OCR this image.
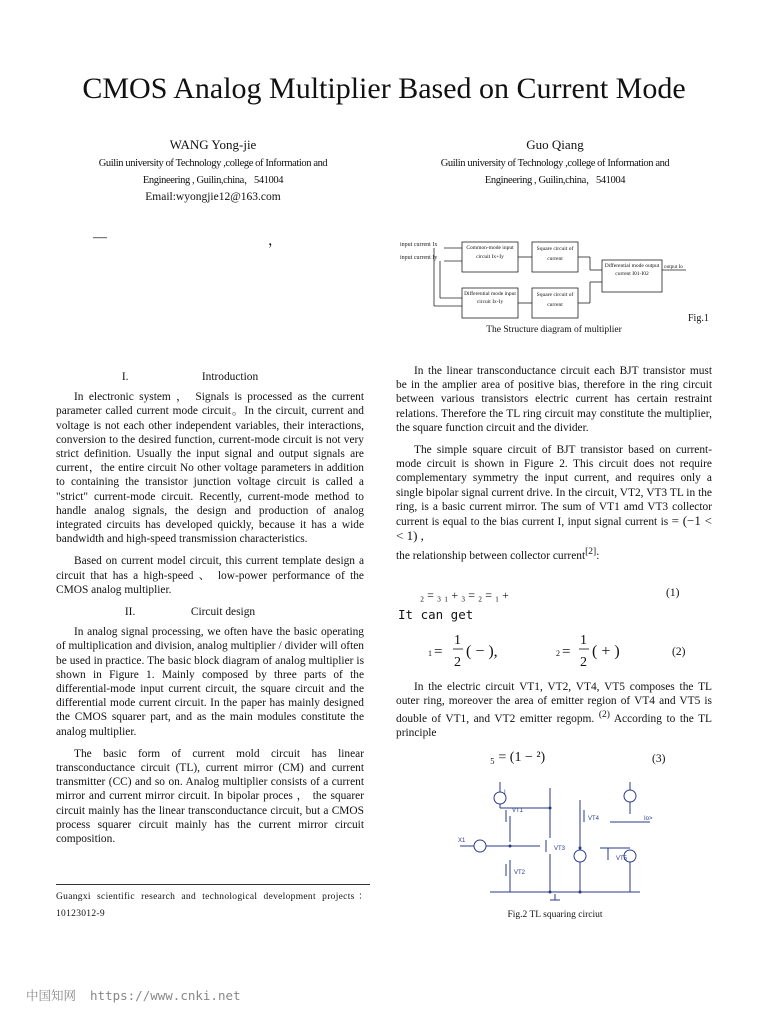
CMOS Analog Multiplier Based on Current Mode
WANG Yong-jie
Guilin university of Technology ,college of Information and
Engineering , Guilin,china，541004
Email:wyongjie12@163.com
Guo Qiang
Guilin university of Technology ,college of Information and
Engineering , Guilin,china，541004
—	，	input current Ix
input current Iy
Common-mode input circuit Ix+Iy
Differential mode input circuit Ix-Iy
Square circuit of current
Square circuit of current
Differential mode output current I01-I02
output Io
Fig.1
The Structure diagram of multiplier
I.	Introduction

In electronic system ， Signals is processed as the current parameter called current mode circuit。In the circuit, current and voltage is not each other independent variables, their interactions, conversion to the desired function, current-mode circuit is not very strict definition. Usually the input signal and output signals are current，the entire circuit No other voltage parameters in addition to containing the transistor junction voltage circuit is called a "strict" current-mode circuit. Recently, current-mode method to handle analog signals, the design and production of analog integrated circuits has developed quickly, because it has a wide bandwidth and high-speed transmission characteristics.

Based on current model circuit, this current template design a circuit that has a high-speed 、 low-power performance of the CMOS analog multiplier.

II.	Circuit design

In analog signal processing, we often have the basic operating of multiplication and division, analog multiplier / divider will often be used in practice. The basic block diagram of analog multiplier is shown in Figure 1. Mainly composed by three parts of the differential-mode input current circuit, the square circuit and the differential mode current circuit. In the paper has mainly designed the CMOS squarer part, and as the main modules constitute the analog multiplier.

The basic form of current mold circuit has linear transconductance circuit (TL), current mirror (CM) and current transmitter (CC) and so on. Analog multiplier consists of a current mirror and current mirror circuit. In bipolar proces ， the squarer circuit mainly has the linear transconductance circuit, but a CMOS process squarer circuit mainly has the current mirror circuit composition.

Guangxi scientific research and technological development projects：10123012-9

In the linear transconductance circuit each BJT transistor must be in the amplier area of positive bias, therefore in the ring circuit between various transistors electric current has certain restraint relations. Therefore the TL ring circuit may constitute the multiplier, the square function circuit and the divider.

The simple square circuit of BJT transistor based on current-mode circuit is shown in Figure 2. This circuit does not require complementary symmetry the input current, and requires only a single bipolar signal current drive. In the circuit, VT2, VT3 TL in the ring, is a basic current mirror. The sum of VT1 amd VT3 collector current is equal to the bias current I, input signal current is = (−1 < < 1) ,

the relationship between collector current[2]:

₂ = ₃ ₁ + ₃ = ₂ = ₁ +	(1)
It can get
1 =
1
2
( − ),	2 =
1
2
( + )	(2)

In the electric circuit VT1, VT2, VT4, VT5 composes the TL outer ring, moreover the area of emitter region of VT4 and VT5 is double of VT1, and VT2 emitter regopm. $^{(2)}$ According to the TL principle

₅ = (1 − ²)	(3)
VT1
VT2
VT3
VT4
VT5
X1
I
Io>
Fig.2 TL squaring circiut
中国知网 https://www.cnki.net
